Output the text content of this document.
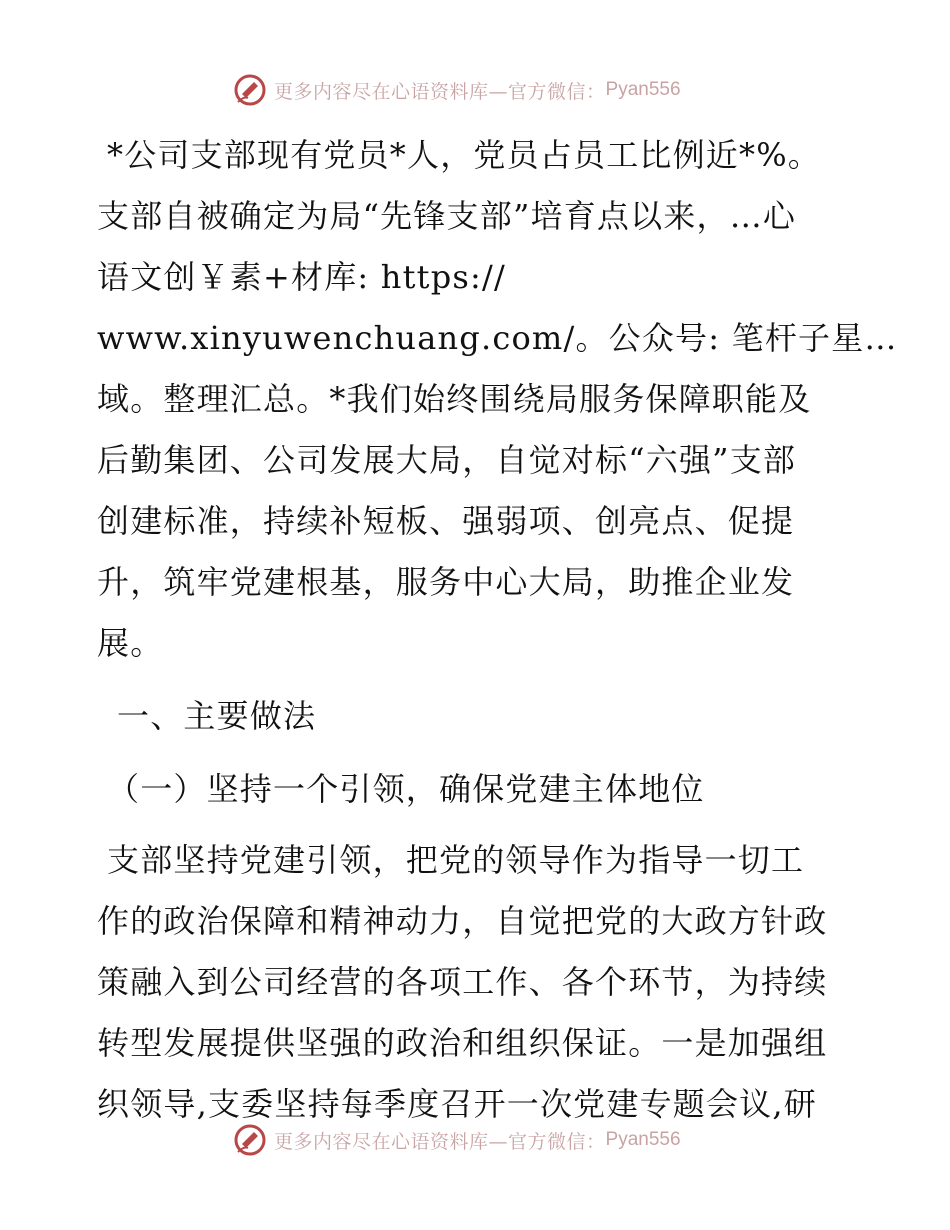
更多内容尽在心语资料库—官方微信： Pyan556
*公司支部现有党员*人，党员占员工比例近*%。
支部自被确定为局“先锋支部”培育点以来，…心
语文创￥素+材库: https://
www.xinyuwenchuang.com/。公众号: 笔杆子星…
域。整理汇总。*我们始终围绕局服务保障职能及
后勤集团、公司发展大局，自觉对标“六强”支部
创建标准，持续补短板、强弱项、创亮点、促提
升，筑牢党建根基，服务中心大局，助推企业发
展。
一、主要做法
（一）坚持一个引领，确保党建主体地位
支部坚持党建引领，把党的领导作为指导一切工
作的政治保障和精神动力，自觉把党的大政方针政
策融入到公司经营的各项工作、各个环节，为持续
转型发展提供坚强的政治和组织保证。一是加强组
织领导,支委坚持每季度召开一次党建专题会议,研
更多内容尽在心语资料库—官方微信： Pyan556
